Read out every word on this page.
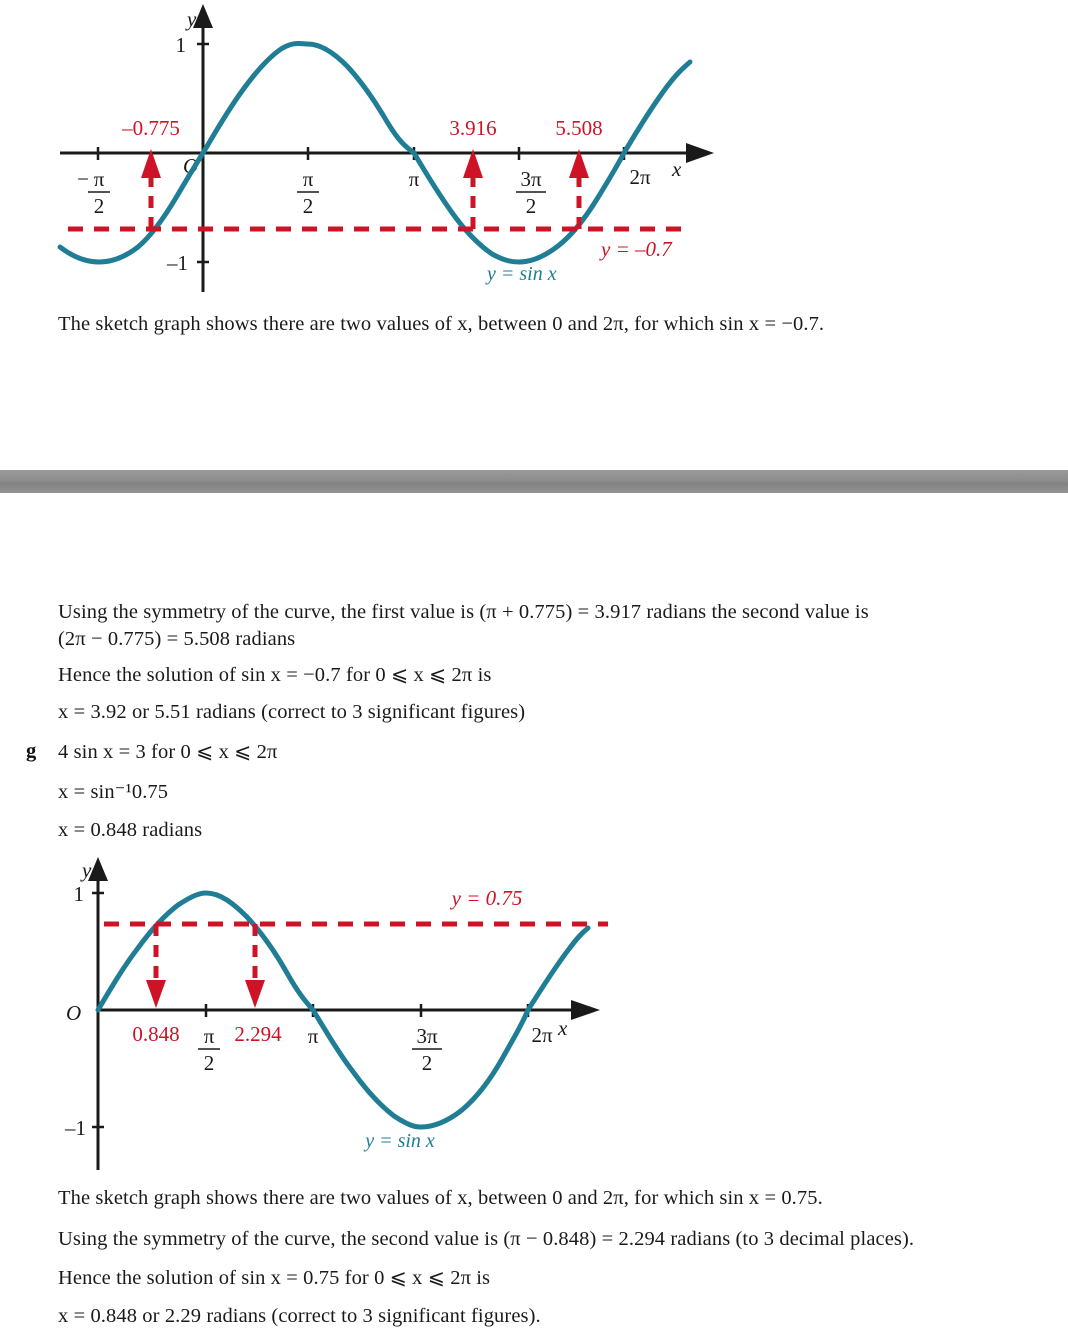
1
–1
− π
2
π
2
π	3π
2
2π x
y
O
–0.775	3.916	5.508
y = –0.7
y = sin x
The sketch graph shows there are two values of x, between 0 and 2π, for which sin x = −0.7.
Using the symmetry of the curve, the first value is (π + 0.775) = 3.917 radians the second value is
(2π − 0.775) = 5.508 radians
Hence the solution of sin x = −0.7 for 0 ⩽ x ⩽ 2π is
x = 3.92 or 5.51 radians (correct to 3 significant figures)
g 4 sin x = 3 for 0 ⩽ x ⩽ 2π
x = sin⁻¹0.75
x = 0.848 radians
1
–1
y
O
x
π
2
π	3π
2
2π
y = 0.75
0.848	2.294
y = sin x
The sketch graph shows there are two values of x, between 0 and 2π, for which sin x = 0.75.
Using the symmetry of the curve, the second value is (π − 0.848) = 2.294 radians (to 3 decimal places).
Hence the solution of sin x = 0.75 for 0 ⩽ x ⩽ 2π is
x = 0.848 or 2.29 radians (correct to 3 significant figures).
